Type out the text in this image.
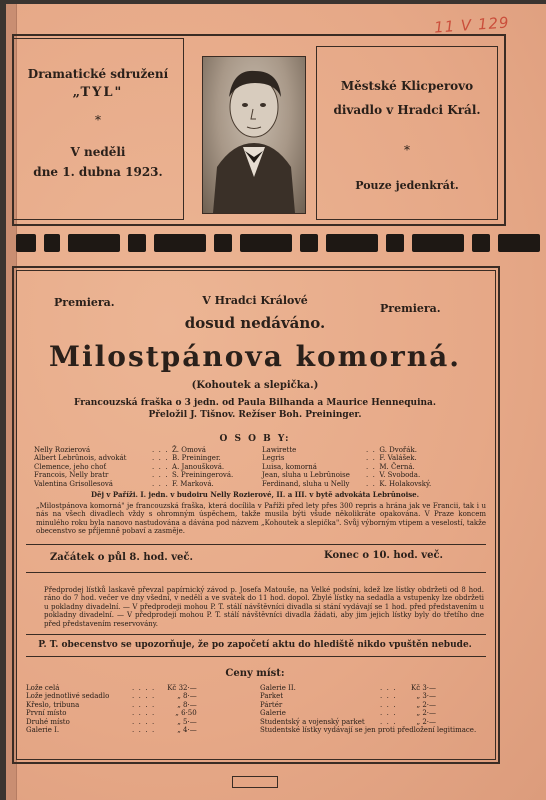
11 V 129
Dramatické sdružení
„TYL"
*
V neděli
dne 1. dubna 1923.
Městské Klicperovo
divadlo v Hradci Král.
*
Pouze jedenkrát.
Premiera.	Premiera.
V Hradci Králové
dosud nedáváno.
Milostpánova komorná.
(Kohoutek a slepička.)
Francouzská fraška o 3 jedn. od Paula Bilhanda a Maurice Hennequina.
Přeložil J. Tišnov. Režíser Boh. Preininger.
O S O B Y:
Nelly Rozierová	.  .  . Ž. Omová
Albert Lebrûnois, advokát	.  .  . B. Preininger.
Clemence, jeho choť	.  .  . A. Janoušková.
Francois, Nelly bratr	.  .  . S. Preiningerová.
Valentina Grisollesová	.  .  . F. Marková.
Lawirette	.  . G. Dvořák.
Legris	.  . F. Valášek.
Luisa, komorná	.  . M. Černá.
Jean, sluha u Lebrûnoise .  . V. Svoboda.
Ferdinand, sluha u Nelly .  . K. Holakovský.
Děj v Paříži. I. jedn. v budoiru Nelly Rozierové, II. a III. v bytě advokáta Lebrûnoise.
„Milostpánova komorná" je francouzská fraška, která docílila v Paříži před lety přes 300 repris a hrána jak ve Francii, tak i u nás na všech divadlech vždy s ohromným úspěchem, takže musila býti všude několikráte opakována. V Praze koncem minulého roku byla nanovo nastudována a dávána pod názvem „Kohoutek a slepička". Svůj výborným vtipem a veselostí, takže obecenstvo se příjemně pobaví a zasměje.
Začátek o půl 8. hod. več.	Konec o 10. hod. več.
Předprodej lístků laskavě převzal papírnický závod p. Josefa Matouše, na Velké podsíni, kdež lze lístky obdržeti od 8 hod. ráno do 7 hod. večer ve dny všední, v neděli a ve svátek do 11 hod. dopol. Zbylé lístky na sedadla a vstupenky lze obdržeti u pokladny divadelní. — V předprodeji mohou P. T. stálí návštěvníci divadla si stání vydávají se 1 hod. před představením u pokladny divadelní. — V předprodeji mohou P. T. stálí návštěvníci divadla žádati, aby jim jejich lístky byly do třetího dne před představením reservovány.
P. T. obecenstvo se upozorňuje, že po započetí aktu do hlediště nikdo vpuštěn nebude.
Ceny míst:
Lože celá	.  .  .  . Kč 32·—
Lože jednotlivé sedadlo	.  .  .  .	„ 8·—
Křeslo, tribuna	.  .  .  .	„ 8·—
První místo	.  .  .  .	„ 6·50
Druhé místo	.  .  .  .	„ 5·—
Galerie I.	.  .  .  .	„ 4·—
Galerie II.	.  .  . Kč 3·—
Parket	.  .  .	„ 3·—
Pártér	.  .  .	„ 2·—
Galerie	.  .  .	„ 2·—
Studentský a vojenský parket .  .  .	„ 2·—
Studentské lístky vydávají se jen proti předložení legitimace.
